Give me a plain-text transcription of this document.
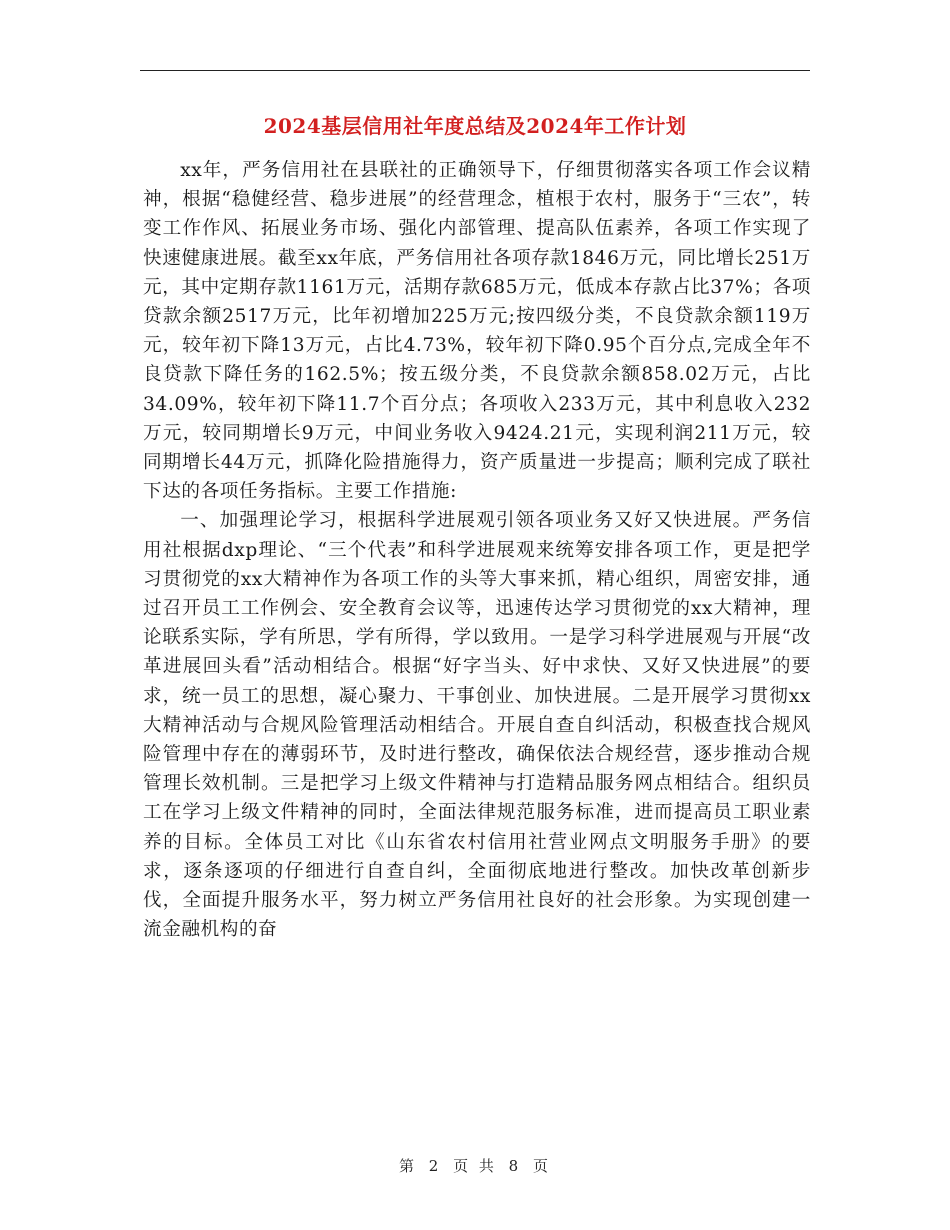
2024基层信用社年度总结及2024年工作计划

xx年，严务信用社在县联社的正确领导下，仔细贯彻落实各项工作会议精神，根据“稳健经营、稳步进展”的经营理念，植根于农村，服务于“三农”，转变工作作风、拓展业务市场、强化内部管理、提高队伍素养，各项工作实现了快速健康进展。截至xx年底，严务信用社各项存款1846万元，同比增长251万元，其中定期存款1161万元，活期存款685万元，低成本存款占比37%；各项贷款余额2517万元，比年初增加225万元;按四级分类，不良贷款余额119万元，较年初下降13万元，占比4.73%，较年初下降0.95个百分点,完成全年不良贷款下降任务的162.5%；按五级分类，不良贷款余额858.02万元，占比34.09%，较年初下降11.7个百分点；各项收入233万元，其中利息收入232万元，较同期增长9万元，中间业务收入9424.21元，实现利润211万元，较同期增长44万元，抓降化险措施得力，资产质量进一步提高；顺利完成了联社下达的各项任务指标。主要工作措施:

一、加强理论学习，根据科学进展观引领各项业务又好又快进展。严务信用社根据dxp理论、“三个代表”和科学进展观来统筹安排各项工作，更是把学习贯彻党的xx大精神作为各项工作的头等大事来抓，精心组织，周密安排，通过召开员工工作例会、安全教育会议等，迅速传达学习贯彻党的xx大精神，理论联系实际，学有所思，学有所得，学以致用。一是学习科学进展观与开展“改革进展回头看”活动相结合。根据“好字当头、好中求快、又好又快进展”的要求，统一员工的思想，凝心聚力、干事创业、加快进展。二是开展学习贯彻xx大精神活动与合规风险管理活动相结合。开展自查自纠活动，积极查找合规风险管理中存在的薄弱环节，及时进行整改，确保依法合规经营，逐步推动合规管理长效机制。三是把学习上级文件精神与打造精品服务网点相结合。组织员工在学习上级文件精神的同时，全面法律规范服务标准，进而提高员工职业素养的目标。全体员工对比《山东省农村信用社营业网点文明服务手册》的要求，逐条逐项的仔细进行自查自纠，全面彻底地进行整改。加快改革创新步伐，全面提升服务水平，努力树立严务信用社良好的社会形象。为实现创建一流金融机构的奋

第 2 页 共 8 页
